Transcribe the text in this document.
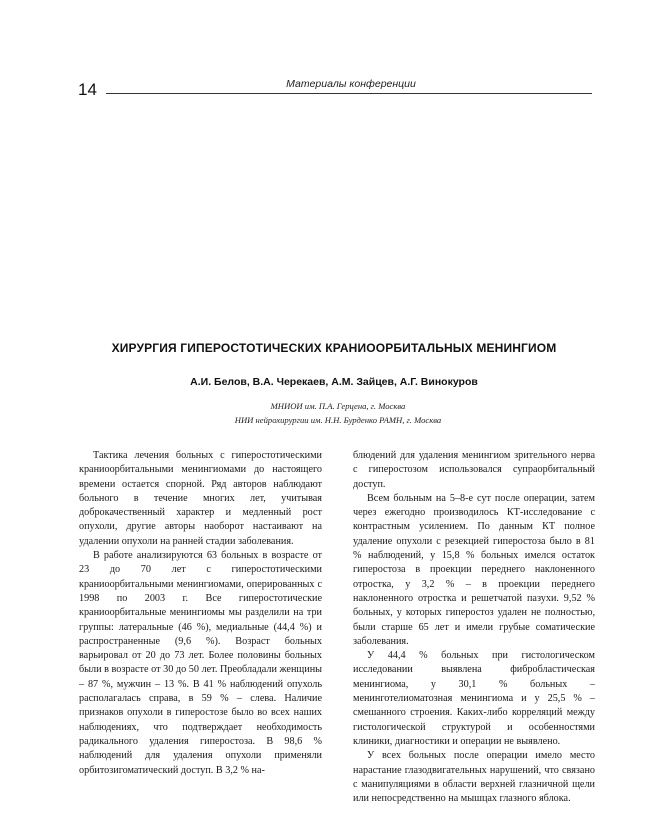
14	Материалы конференции
ХИРУРГИЯ ГИПЕРОСТОТИЧЕСКИХ КРАНИООРБИТАЛЬНЫХ МЕНИНГИОМ
А.И. Белов, В.А. Черекаев, А.М. Зайцев, А.Г. Винокуров
МНИОИ им. П.А. Герцена, г. Москва
НИИ нейрохирургии им. Н.Н. Бурденко РАМН, г. Москва

Тактика лечения больных с гиперостотическими краниоорбитальными менингиомами до настоящего времени остается спорной. Ряд авторов наблюдают больного в течение многих лет, учитывая доброкачественный характер и медленный рост опухоли, другие авторы наоборот настаивают на удалении опухоли на ранней стадии заболевания.

В работе анализируются 63 больных в возрасте от 23 до 70 лет с гиперостотическими краниоорбитальными менингиомами, оперированных с 1998 по 2003 г. Все гиперостотические краниоорбитальные менингиомы мы разделили на три группы: латеральные (46 %), медиальные (44,4 %) и распространенные (9,6 %). Возраст больных варьировал от 20 до 73 лет. Более половины больных были в возрасте от 30 до 50 лет. Преобладали женщины – 87 %, мужчин – 13 %. В 41 % наблюдений опухоль располагалась справа, в 59 % – слева. Наличие признаков опухоли в гиперостозе было во всех наших наблюдениях, что подтверждает необходимость радикального удаления гиперостоза. В 98,6 % наблюдений для удаления опухоли применяли орбитозигоматический доступ. В 3,2 % на-

блюдений для удаления менингиом зрительного нерва с гиперостозом использовался супраорбитальный доступ.

Всем больным на 5–8-е сут после операции, затем через ежегодно производилось КТ-исследование с контрастным усилением. По данным КТ полное удаление опухоли с резекцией гиперостоза было в 81 % наблюдений, у 15,8 % больных имелся остаток гиперостоза в проекции переднего наклоненного отростка, у 3,2 % – в проекции переднего наклоненного отростка и решетчатой пазухи. 9,52 % больных, у которых гиперостоз удален не полностью, были старше 65 лет и имели грубые соматические заболевания.

У 44,4 % больных при гистологическом исследовании выявлена фибробластическая менингиома, у 30,1 % больных – менинготелиоматозная менингиома и у 25,5 % – смешанного строения. Каких-либо корреляций между гистологической структурой и особенностями клиники, диагностики и операции не выявлено.

У всех больных после операции имело место нарастание глазодвигательных нарушений, что связано с манипуляциями в области верхней глазничной щели или непосредственно на мышцах глазного яблока.
